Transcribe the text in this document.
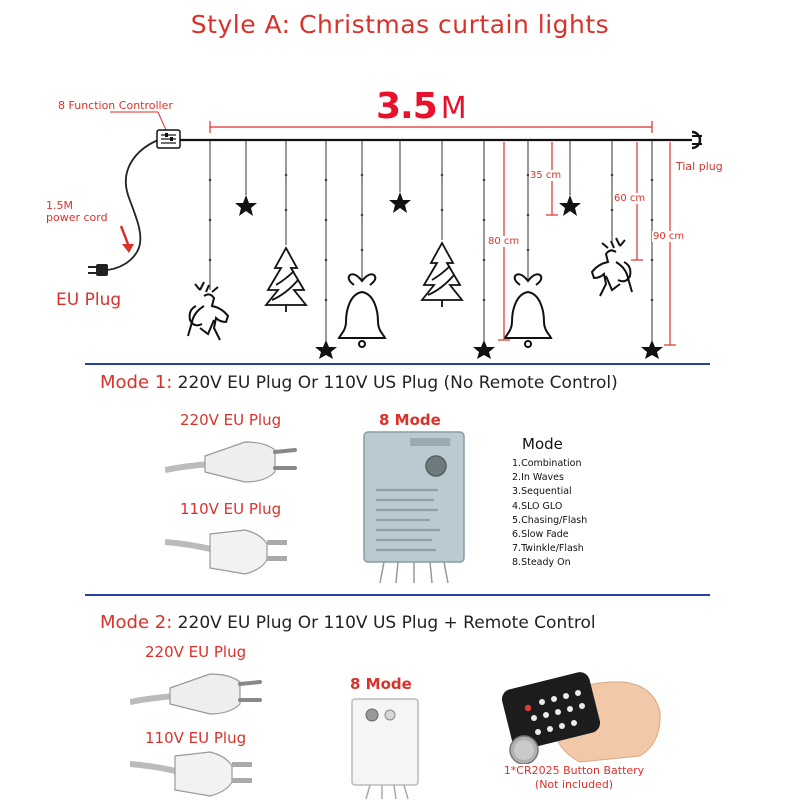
Style A: Christmas curtain lights
8 Function Controller
1.5M
power cord
EU Plug
3.5 M
Tial plug
35 cm
60 cm
80 cm	90 cm
Mode 1: 220V EU Plug Or 110V US Plug (No Remote Control)
220V EU Plug
110V EU Plug
8 Mode
Mode
1.Combination
2.In Waves
3.Sequential
4.SLO GLO
5.Chasing/Flash
6.Slow Fade
7.Twinkle/Flash
8.Steady On
Mode 2: 220V EU Plug Or 110V US Plug + Remote Control
220V EU Plug
110V EU Plug
8 Mode
1*CR2025 Button Battery
(Not included)
